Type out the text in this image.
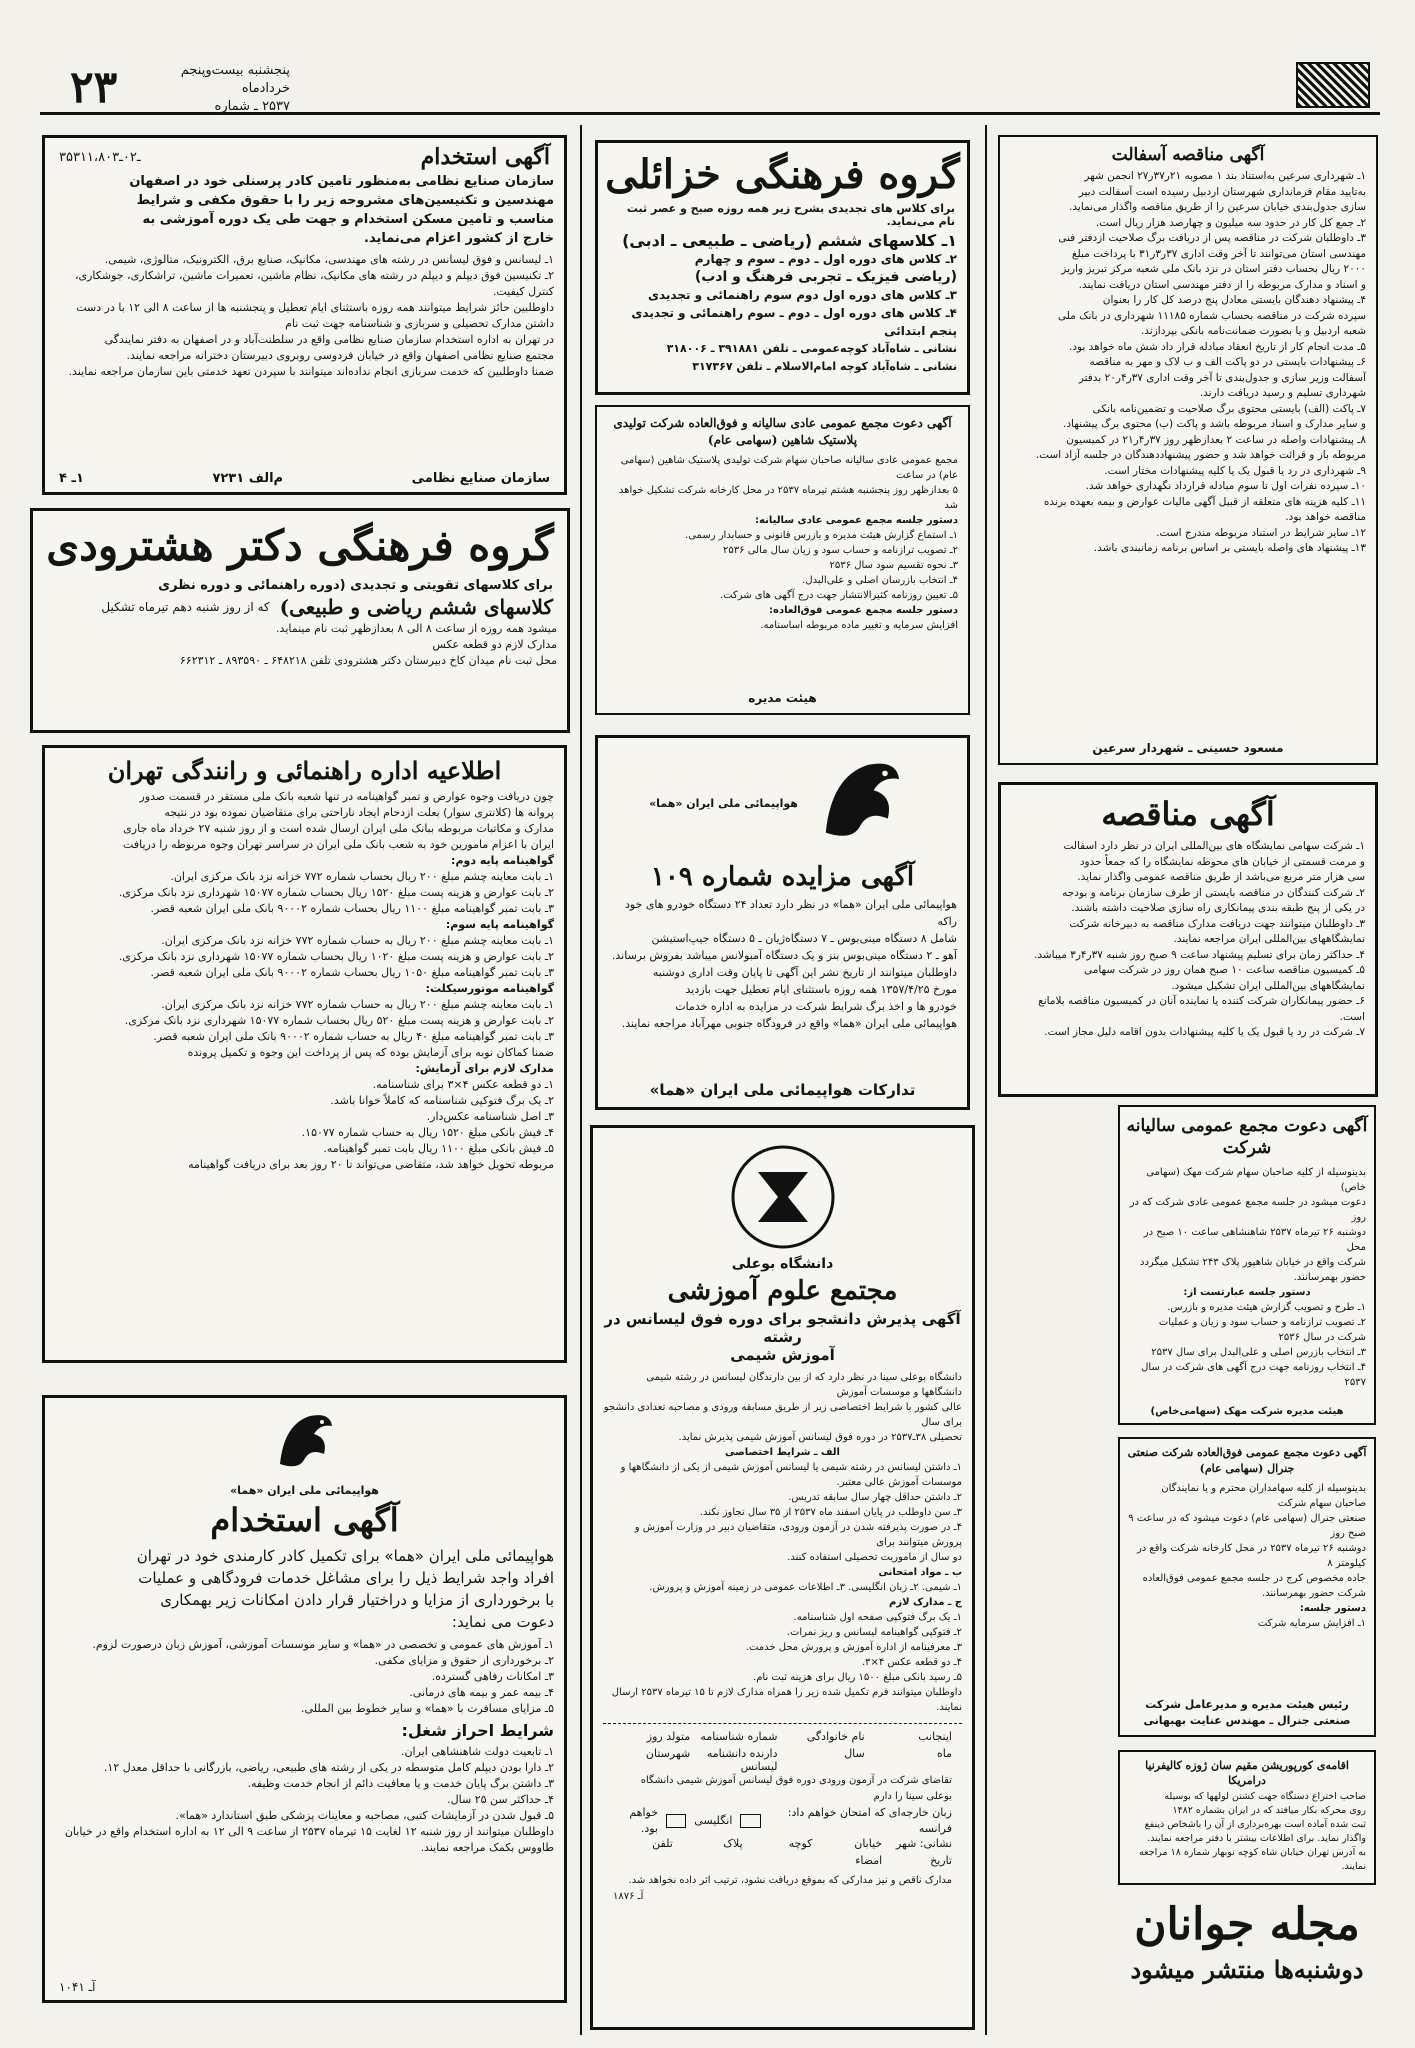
۲۳	پنجشنبه بیست‌و‌پنجم خردادماه
۲۵۳۷ ـ شماره
آگهی استخدام
۳۵ـ۰۲ـ۳۱۱،۸۰۳

سازمان صنایع نظامی به‌منظور تامین کادر پرسنلی خود در اصفهان

مهندسین و تکنیسین‌های مشروحه زیر را با حقوق مکفی و شرایط

مناسب و تامین مسکن استخدام و جهت طی یک دوره آموزشی به

خارج از کشور اعزام می‌نماید.

۱ـ لیسانس و فوق لیسانس در رشته های مهندسی، مکانیک، صنایع برق، الکترونیک، متالوژی، شیمی.

۲ـ تکنیسین فوق دیپلم و دیپلم در رشته های مکانیک، نظام ماشین، تعمیرات ماشین، تراشکاری، جوشکاری، کنترل کیفیت.

داوطلبین حائز شرایط میتوانند همه روزه باستثنای ایام تعطیل و پنجشنبه ها از ساعت ۸ الی ۱۲ با در دست داشتن مدارک تحصیلی و سربازی و شناسنامه جهت ثبت نام

در تهران به اداره استخدام سازمان صنایع نظامی واقع در سلطنت‌آباد و در اصفهان به دفتر نمایندگی

مجتمع صنایع نظامی اصفهان واقع در خیابان فردوسی روبروی دبیرستان دخترانه مراجعه نمایند.

ضمنا داوطلبین که خدمت سربازی انجام نداده‌اند میتوانند با سپردن تعهد خدمتی باین سازمان مراجعه نمایند.

سازمان صنایع نظامی
م‌الف ۷۲۳۱
۱ـ ۴
گروه فرهنگی دکتر هشترودی
برای کلاسهای تقویتی و تجدیدی (دوره راهنمائی و دوره نظری
کلاسهای ششم ریاضی و طبیعی)
که از روز شنبه دهم تیرماه تشکیل

میشود همه روزه از ساعت ۸ الی ۸ بعدازظهر ثبت نام مینماید.

مدارک لازم دو قطعه عکس

محل ثبت نام میدان کاخ دبیرستان دکتر هشترودی تلفن ۶۴۸۲۱۸ ـ ۸۹۳۵۹۰ ـ ۶۶۲۳۱۲

اطلاعیه اداره راهنمائی و رانندگی تهران

چون دریافت وجوه عوارض و تمبر گواهینامه در تنها شعبه بانک ملی مستقر در قسمت صدور

پروانه ها (کلانتری سوار) بعلت ازدحام ایجاد ناراحتی برای متقاضیان نموده بود در نتیجه

مدارک و مکاتبات مربوطه ببانک ملی ایران ارسال شده است و از روز شنبه ۲۷ خرداد ماه جاری

ایران با اعزام مامورین خود به شعب بانک ملی ایران در سراسر تهران وجوه مربوطه را دریافت

گواهینامه پایه دوم:

۱ـ بابت معاینه چشم مبلغ ۲۰۰ ریال بحساب شماره ۷۷۲ خزانه نزد بانک مرکزی ایران.

۲ـ بابت عوارض و هزینه پست مبلغ ۱۵۲۰ ریال بحساب شماره ۱۵۰۷۷ شهرداری نزد بانک مرکزی.

۳ـ بابت تمبر گواهینامه مبلغ ۱۱۰۰ ریال بحساب شماره ۹۰۰۰۲ بانک ملی ایران شعبه قصر.

گواهینامه پایه سوم:

۱ـ بابت معاینه چشم مبلغ ۲۰۰ ریال به حساب شماره ۷۷۲ خزانه نزد بانک مرکزی ایران.

۲ـ بابت عوارض و هزینه پست مبلغ ۱۰۲۰ ریال بحساب شماره ۱۵۰۷۷ شهرداری نزد بانک مرکزی.

۳ـ بابت تمبر گواهینامه مبلغ ۱۰۵۰ ریال بحساب شماره ۹۰۰۰۲ بانک ملی ایران شعبه قصر.

گواهینامه موتورسیکلت:

۱ـ بابت معاینه چشم مبلغ ۲۰۰ ریال به حساب شماره ۷۷۲ خزانه نزد بانک مرکزی ایران.

۲ـ بابت عوارض و هزینه پست مبلغ ۵۲۰ ریال بحساب شماره ۱۵۰۷۷ شهرداری نزد بانک مرکزی.

۳ـ بابت تمبر گواهینامه مبلغ ۴۰ ریال به حساب شماره ۹۰۰۰۲ بانک ملی ایران شعبه قصر.

ضمنا کماکان نوبه برای آزمایش بوده که پس از پرداخت این وجوه و تکمیل پرونده

مدارک لازم برای آزمایش:

۱ـ دو قطعه عکس ۴×۳ برای شناسنامه.

۲ـ یک برگ فتوکپی شناسنامه که کاملاً خوانا باشد.

۳ـ اصل شناسنامه عکس‌دار.

۴ـ فیش بانکی مبلغ ۱۵۲۰ ریال به حساب شماره ۱۵۰۷۷.

۵ـ فیش بانکی مبلغ ۱۱۰۰ ریال بابت تمبر گواهینامه.

مربوطه تحویل خواهد شد، متقاضی می‌تواند تا ۲۰ روز بعد برای دریافت گواهینامه

هواپیمائی ملی ایران «هما»
آگهی استخدام

هواپیمائی ملی ایران «هما» برای تکمیل کادر کارمندی خود در تهران

افراد واجد شرایط ذیل را برای مشاغل خدمات فرودگاهی و عملیات

با برخورداری از مزایا و دراختیار قرار دادن امکانات زیر بهمکاری

دعوت می نماید:

۱ـ آموزش های عمومی و تخصصی در «هما» و سایر موسسات آموزشی، آموزش زبان درصورت لزوم.

۲ـ برخورداری از حقوق و مزایای مکفی.

۳ـ امکانات رفاهی گسترده.

۴ـ بیمه عمر و بیمه های درمانی.

۵ـ مزایای مسافرت با «هما» و سایر خطوط بین المللی.

شرایط احراز شغل:

۱ـ تابعیت دولت شاهنشاهی ایران.

۲ـ دارا بودن دیپلم کامل متوسطه در یکی از رشته های طبیعی، ریاضی، بازرگانی با حداقل معدل ۱۲.

۳ـ داشتن برگ پایان خدمت و یا معافیت دائم از انجام خدمت وظیفه.

۴ـ حداکثر سن ۲۵ سال.

۵ـ قبول شدن در آزمایشات کتبی، مصاحبه و معاینات پزشکی طبق استاندارد «هما».

داوطلبان میتوانند از روز شنبه ۱۲ لغایت ۱۵ تیرماه ۲۵۳۷ از ساعت ۹ الی ۱۲ به اداره استخدام واقع در خیابان طاووس‌ بکمک مراجعه نمایند.

آـ ۱۰۴۱
گروه فرهنگی خزائلی
برای کلاس های تجدیدی بشرح زیر همه روزه صبح و عصر ثبت نام می‌نماید.

۱ـ کلاسهای ششم (ریاضی ـ طبیعی ـ ادبی)

۲ـ کلاس های دوره اول ـ دوم ـ سوم و چهارم

(ریاضی فیزیک ـ تجربی فرهنگ و ادب)

۳ـ کلاس های دوره اول دوم سوم راهنمائی و تجدیدی

۴ـ کلاس های دوره اول ـ دوم ـ سوم راهنمائی و تجدیدی پنجم ابتدائی

نشانی ـ شاه‌آباد کوچه‌عمومی ـ تلفن ۳۹۱۸۸۱ ـ ۳۱۸۰۰۶

نشانی ـ شاه‌آباد کوچه امام‌الاسلام ـ تلفن ۳۱۷۳۶۷

آگهی دعوت مجمع عمومی عادی سالیانه و فوق‌العاده شرکت تولیدی پلاستیک شاهین (سهامی عام)

مجمع عمومی عادی سالیانه صاحبان سهام شرکت تولیدی پلاستیک شاهین (سهامی عام) در ساعت

۵ بعدازظهر روز پنجشنبه هشتم تیرماه ۲۵۳۷ در محل کارخانه شرکت تشکیل خواهد شد

دستور جلسه مجمع عمومی عادی سالیانه:

۱ـ استماع گزارش هیئت مدیره و بازرس قانونی و حسابدار رسمی.

۲ـ تصویب ترازنامه و حساب سود و زیان سال مالی ۲۵۳۶

۳ـ نحوه تقسیم سود سال ۲۵۳۶

۴ـ انتخاب بازرسان اصلی و علی‌البدل.

۵ـ تعیین روزنامه کثیرالانتشار جهت درج آگهی های شرکت.

دستور جلسه مجمع عمومی فوق‌العاده:

افزایش سرمایه و تغییر ماده مربوطه اساسنامه.

هیئت مدیره
هواپیمائی ملی ایران «هما»
آگهی مزایده شماره ۱۰۹

هواپیمائی ملی ایران «هما» در نظر دارد تعداد ۲۴ دستگاه خودرو های خود راکه

شامل ۸ دستگاه مینی‌بوس ـ ۷ دستگاه‌ژیان ـ ۵ دستگاه جیپ‌استیشن

آهو ـ ۲ دستگاه مینی‌بوس بنز و یک دستگاه آمبولانس میباشد بفروش برساند.

داوطلبان میتوانند از تاریخ نشر این آگهی تا پایان وقت اداری دوشنبه

مورخ ۱۳۵۷/۴/۲۵ همه روزه باستثنای ایام تعطیل جهت بازدید

خودرو ها و اخذ برگ شرایط شرکت در مزایده به اداره خدمات

هواپیمائی ملی ایران «هما» واقع در فرودگاه جنوبی مهرآباد مراجعه نمایند.

تدارکات هواپیمائی ملی ایران «هما»
دانشگاه بوعلی
مجتمع علوم آموزشی
آگهی پذیرش دانشجو برای دوره فوق لیسانس در رشته
آموزش شیمی

دانشگاه بوعلی سینا در نظر دارد که از بین دارندگان لیسانس در رشته شیمی دانشگاهها و موسسات آموزش

عالی کشور با شرایط اختصاصی زیر از طریق مسابقه ورودی و مصاحبه تعدادی دانشجو برای سال

تحصیلی ۳۸ـ۲۵۳۷ در دوره فوق لیسانس آموزش شیمی پذیرش نماید.

الف ـ شرایط اختصاصی

۱ـ داشتن لیسانس در رشته شیمی یا لیسانس آموزش شیمی از یکی از دانشگاهها و موسسات آموزش عالی معتبر.

۲ـ داشتن حداقل چهار سال سابقه تدریس.

۳ـ سن داوطلب در پایان اسفند ماه ۲۵۳۷ از ۳۵ سال تجاوز نکند.

۴ـ در صورت پذیرفته شدن در آزمون ورودی، متقاضیان دبیر در وزارت آموزش و پرورش میتوانند برای

دو سال از ماموریت تحصیلی استفاده کنند.

ب ـ مواد امتحانی

۱ـ شیمی. ۲ـ زبان انگلیسی. ۳ـ اطلاعات عمومی در زمینه آموزش و پرورش.

ج ـ مدارک لازم

۱ـ یک برگ فتوکپی صفحه اول شناسنامه.

۲ـ فتوکپی گواهینامه لیسانس و ریز نمرات.

۳ـ معرفینامه از اداره آموزش و پرورش محل خدمت.

۴ـ دو قطعه عکس ۴×۳.

۵ـ رسید بانکی مبلغ ۱۵۰۰ ریال برای هزینه ثبت نام.

داوطلبان میتوانند فرم تکمیل شده زیر را همراه مدارک لازم تا ۱۵ تیرماه ۲۵۳۷ ارسال نمایند.

اینجانب
نام خانوادگی
شماره شناسنامه
متولد روز
ماه
سال
دارنده دانشنامه لیسانس
شهرستان
تقاضای شرکت در آزمون ورودی دوره فوق لیسانس آموزش شیمی دانشگاه بوعلی سینا را دارم
زبان خارجه‌ای که امتحان خواهم داد: فرانسه
انگلیسی
خواهم بود.
نشانی: شهر
خیابان
کوچه
پلاک
تلفن
تاریخ
امضاء
مدارک ناقص و نیز مدارکی که بموقع دریافت نشود، ترتیب اثر داده نخواهد شد.
آـ ۱۸۷۶
آگهی مناقصه آسفالت

۱ـ شهرداری سرعین به‌استناد بند ۱ مصوبه ۲۱ر۳۷ر۲۷ انجمن شهر

به‌تایید مقام فرمانداری شهرستان اردبیل رسیده است آسفالت دبیر

سازی جدول‌بندی خیابان سرعین را از طریق مناقصه واگذار می‌نماید.

۲ـ جمع کل کار در حدود سه میلیون و چهارصد هزار ریال است.

۳ـ داوطلبان شرکت در مناقصه پس از دریافت برگ صلاحیت ازدفتر فنی

مهندسی استان می‌توانند تا آخر وقت اداری ۳۷ر۳ر۳۱ با پرداخت مبلغ

۲۰۰۰ ریال بحساب دفتر استان در نزد بانک ملی شعبه مرکز تبریز واریز

و اسناد و مدارک مربوطه را از دفتر مهندسی استان دریافت نمایند.

۴ـ پیشنهاد دهندگان بایستی معادل پنج درصد کل کار را بعنوان

سپرده شرکت در مناقصه بحساب شماره ۱۱۱۸۵ شهرداری در بانک ملی

شعبه اردبیل و یا بصورت ضمانت‌نامه بانکی بپردازند.

۵ـ مدت انجام کار از تاریخ انعقاد مبادله قرار داد شش ماه خواهد بود.

۶ـ پیشنهادات بایستی در دو پاکت الف و ب لاک و مهر به مناقصه

آسفالت وزیر سازی و جدول‌بندی تا آخر وقت اداری ۳۷ر۴ر۲۰ بدفتر

شهرداری تسلیم و رسید دریافت دارند.

۷ـ پاکت (الف) بایستی محتوی برگ صلاحیت و تضمین‌نامه بانکی

و سایر مدارک و اسناد مربوطه باشد و پاکت (ب) محتوی برگ پیشنهاد.

۸ـ پیشنهادات واصله در ساعت ۲ بعدازظهر روز ۳۷ر۴ر۲۱ در کمیسیون

مربوطه باز و قرائت خواهد شد و حضور پیشنهاددهندگان در جلسه آزاد است.

۹ـ شهرداری در رد یا قبول یک یا کلیه پیشنهادات مختار است.

۱۰ـ سپرده نفرات اول تا سوم مبادله قرارداد نگهداری خواهد شد.

۱۱ـ کلیه هزینه های متعلقه از قبیل آگهی مالیات عوارض و بیمه بعهده برنده مناقصه خواهد بود.

۱۲ـ سایر شرایط در استناد مربوطه مندرج است.

۱۳ـ پیشنهاد های واصله بایستی بر اساس برنامه زمانبندی باشد.

مسعود حسینی ـ شهردار سرعین
آگهی مناقصه

۱ـ شرکت سهامی نمایشگاه های بین‌المللی ایران در نظر دارد اسفالت

و مرمت قسمتی از خیابان های محوطه نمایشگاه را که جمعاً حدود

سی هزار متر مربع می‌باشد از طریق مناقصه عمومی واگذار نماید.

۲ـ شرکت کنندگان در مناقصه بایستی از طرف سازمان برنامه و بودجه

در یکی از پنج طبقه بندی پیمانکاری راه سازی صلاحیت داشته باشند.

۳ـ داوطلبان میتوانند جهت دریافت مدارک مناقصه به دبیرخانه شرکت

نمایشگاههای بین‌المللی ایران مراجعه نمایند.

۴ـ حداکثر زمان برای تسلیم پیشنهاد ساعت ۹ صبح روز شنبه ۳۷ر۴ر۳ میباشد.

۵ـ کمیسیون مناقصه ساعت ۱۰ صبح همان روز در شرکت سهامی

نمایشگاههای بین‌المللی ایران تشکیل میشود.

۶ـ حضور پیمانکاران شرکت کننده یا نماینده آنان در کمیسیون مناقصه بلامانع است.

۷ـ شرکت در رد یا قبول یک یا کلیه پیشنهادات بدون اقامه دلیل مجاز است.

آگهی دعوت مجمع عمومی سالیانه شرکت

بدینوسیله از کلیه صاحبان سهام شرکت مهک (سهامی خاص)

دعوت میشود در جلسه مجمع عمومی عادی شرکت که در روز

دوشنبه ۲۶ تیرماه ۲۵۳۷ شاهنشاهی ساعت ۱۰ صبح در محل

شرکت واقع در خیابان شاهپور پلاک ۲۴۳ تشکیل میگردد

حضور بهمرسانند.

دستور جلسه عبارتست از:

۱ـ طرح و تصویب گزارش هیئت مدیره و بازرس.

۲ـ تصویب ترازنامه و حساب سود و زیان و عملیات شرکت در سال ۲۵۳۶

۳ـ انتخاب بازرس اصلی و علی‌البدل برای سال ۲۵۳۷

۴ـ انتخاب روزنامه جهت درج آگهی های شرکت در سال ۲۵۳۷

هیئت مدیره شرکت مهک (سهامی‌خاص)
آگهی دعوت مجمع عمومی فوق‌العاده شرکت صنعتی جنرال (سهامی عام)

بدینوسیله از کلیه سهامداران محترم و یا نمایندگان صاحبان سهام شرکت

صنعتی جنرال (سهامی عام) دعوت میشود که در ساعت ۹ صبح روز

دوشنبه ۲۶ تیرماه ۲۵۳۷ در محل کارخانه شرکت واقع در کیلومتر ۸

جاده مخصوص کرج در جلسه مجمع عمومی فوق‌العاده شرکت حضور بهمرسانند.

دستور جلسه:

۱ـ افزایش سرمایه شرکت

رئیس هیئت مدیره و مدیرعامل شرکت صنعتی جنرال ـ مهندس عنایت بهبهانی
اقامه‌ی کورپوریشن مقیم سان ژوزه کالیفرنیا درامریکا

صاحب اختراع دستگاه جهت کشتن لولهها که بوسیله

روی محرکه بکار میافتد که در ایران بشماره ۱۴۸۲

ثبت شده آماده است بهره‌برداری از آن را باشخاص ذینفع

واگذار نماید. برای اطلاعات بیشتر با دفتر مراجعه نمایند.

به آدرس تهران خیابان شاه کوچه نوبهار شماره ۱۸ مراجعه نمایند.

مجله جوانان
دوشنبه‌ها منتشر میشود
